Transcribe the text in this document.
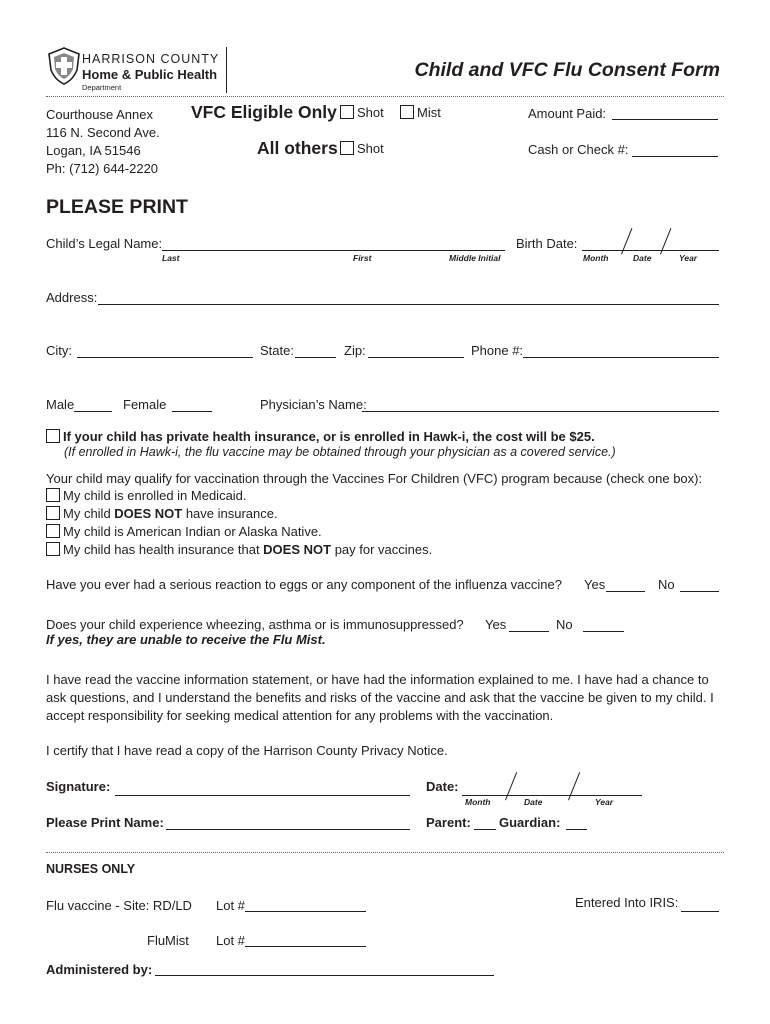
HARRISON COUNTY
Home & Public Health
Department
Child and VFC Flu Consent Form
Courthouse Annex
116 N. Second Ave.
Logan, IA 51546
Ph: (712) 644-2220
VFC Eligible Only	Shot	Mist
All others	Shot
Amount Paid:
Cash or Check #:
PLEASE PRINT
Child’s Legal Name:
Last	First	Middle Initial
Birth Date:
Month	Date	Year
Address:
City:	State:	Zip:	Phone #:
Male	Female	Physician’s Name:
If your child has private health insurance, or is enrolled in Hawk-i, the cost will be $25.
(If enrolled in Hawk-i, the flu vaccine may be obtained through your physician as a covered service.)
Your child may qualify for vaccination through the Vaccines For Children (VFC) program because (check one box):
My child is enrolled in Medicaid.
My child DOES NOT have insurance.
My child is American Indian or Alaska Native.
My child has health insurance that DOES NOT pay for vaccines.
Have you ever had a serious reaction to eggs or any component of the influenza vaccine? Yes	No
Does your child experience wheezing, asthma or is immunosuppressed? Yes	No
If yes, they are unable to receive the Flu Mist.
I have read the vaccine information statement, or have had the information explained to me. I have had a chance to
ask questions, and I understand the benefits and risks of the vaccine and ask that the vaccine be given to my child. I
accept responsibility for seeking medical attention for any problems with the vaccination.
I certify that I have read a copy of the Harrison County Privacy Notice.
Signature:	Date:
Month	Date	Year
Please Print Name:	Parent: Guardian:
NURSES ONLY
Flu vaccine - Site: RD/LD Lot #	Entered Into IRIS:
FluMist Lot #
Administered by:
